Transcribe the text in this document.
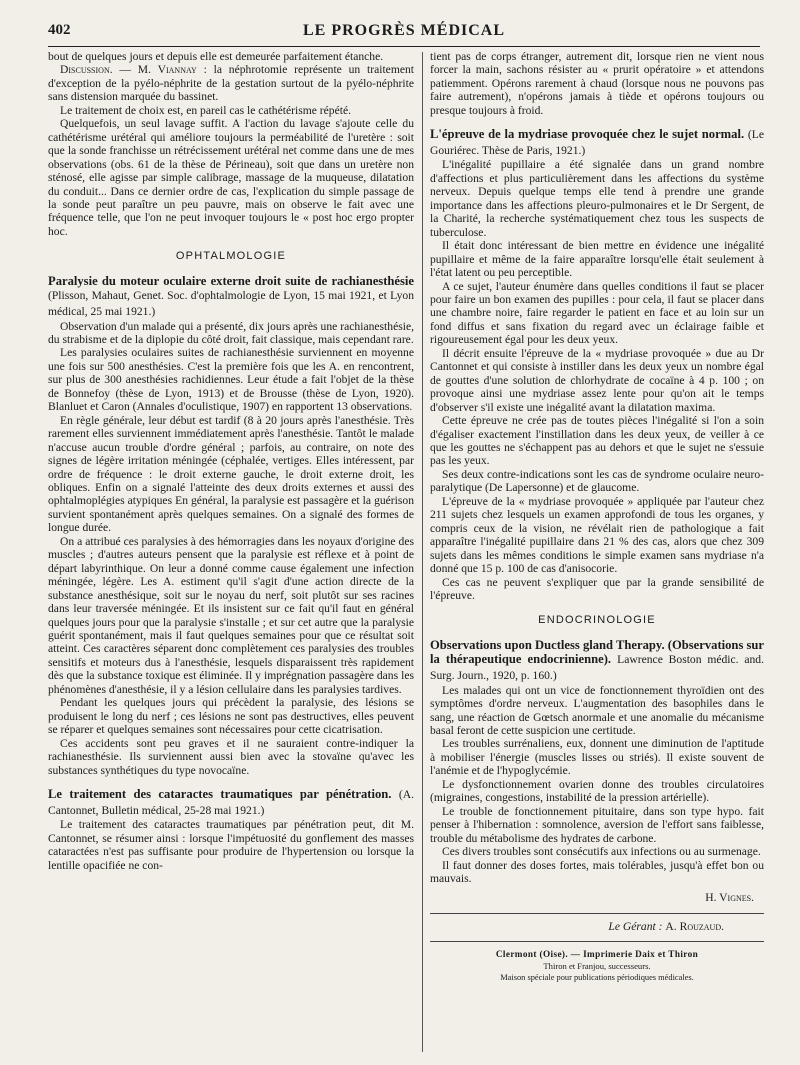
402	LE PROGRÈS MÉDICAL

bout de quelques jours et depuis elle est demeurée parfaitement étanche.

Discussion. — M. Viannay : la néphrotomie représente un traitement d'exception de la pyélo-néphrite de la gestation surtout de la pyélo-néphrite sans distension marquée du bassinet.

Le traitement de choix est, en pareil cas le cathétérisme répété.

Quelquefois, un seul lavage suffit. A l'action du lavage s'ajoute celle du cathétérisme urétéral qui améliore toujours la perméabilité de l'uretère : soit que la sonde franchisse un rétrécissement urétéral net comme dans une de mes observations (obs. 61 de la thèse de Périneau), soit que dans un uretère non sténosé, elle agisse par simple calibrage, massage de la muqueuse, dilatation du conduit... Dans ce dernier ordre de cas, l'explication du simple passage de la sonde peut paraître un peu pauvre, mais on observe le fait avec une fréquence telle, que l'on ne peut invoquer toujours le « post hoc ergo propter hoc.

OPHTALMOLOGIE

Paralysie du moteur oculaire externe droit suite de rachianesthésie (Plisson, Mahaut, Genet. Soc. d'ophtalmologie de Lyon, 15 mai 1921, et Lyon médical, 25 mai 1921.)

Observation d'un malade qui a présenté, dix jours après une rachianesthésie, du strabisme et de la diplopie du côté droit, fait classique, mais cependant rare.

Les paralysies oculaires suites de rachianesthésie surviennent en moyenne une fois sur 500 anesthésies. C'est la première fois que les A. en rencontrent, sur plus de 300 anesthésies rachidiennes. Leur étude a fait l'objet de la thèse de Bonnefoy (thèse de Lyon, 1913) et de Brousse (thèse de Lyon, 1920). Blanluet et Caron (Annales d'oculistique, 1907) en rapportent 13 observations.

En règle générale, leur début est tardif (8 à 20 jours après l'anesthésie. Très rarement elles surviennent immédiatement après l'anesthésie. Tantôt le malade n'accuse aucun trouble d'ordre général ; parfois, au contraire, on note des signes de légère irritation méningée (céphalée, vertiges. Elles intéressent, par ordre de fréquence : le droit externe gauche, le droit externe droit, les obliques. Enfin on a signalé l'atteinte des deux droits externes et aussi des ophtalmoplégies atypiques En général, la paralysie est passagère et la guérison survient spontanément après quelques semaines. On a signalé des formes de longue durée.

On a attribué ces paralysies à des hémorragies dans les noyaux d'origine des muscles ; d'autres auteurs pensent que la paralysie est réflexe et à point de départ labyrinthique. On leur a donné comme cause également une infection méningée, légère. Les A. estiment qu'il s'agit d'une action directe de la substance anesthésique, soit sur le noyau du nerf, soit plutôt sur ses racines dans leur traversée méningée. Et ils insistent sur ce fait qu'il faut en général quelques jours pour que la paralysie s'installe ; et sur cet autre que la paralysie guérit spontanément, mais il faut quelques semaines pour que ce résultat soit atteint. Ces caractères séparent donc complètement ces paralysies des troubles sensitifs et moteurs dus à l'anesthésie, lesquels disparaissent très rapidement dès que la substance toxique est éliminée. Il y imprégnation passagère dans les phénomènes d'anesthésie, il y a lésion cellulaire dans les paralysies tardives.

Pendant les quelques jours qui précèdent la paralysie, des lésions se produisent le long du nerf ; ces lésions ne sont pas destructives, elles peuvent se réparer et quelques semaines sont nécessaires pour cette cicatrisation.

Ces accidents sont peu graves et il ne sauraient contre-indiquer la rachianesthésie. Ils surviennent aussi bien avec la stovaïne qu'avec les substances synthétiques du type novocaïne.

Le traitement des cataractes traumatiques par pénétration. (A. Cantonnet, Bulletin médical, 25-28 mai 1921.)

Le traitement des cataractes traumatiques par pénétration peut, dit M. Cantonnet, se résumer ainsi : lorsque l'impétuosité du gonflement des masses cataractées n'est pas suffisante pour produire de l'hypertension ou lorsque la lentille opacifiée ne con-

tient pas de corps étranger, autrement dit, lorsque rien ne vient nous forcer la main, sachons résister au « prurit opératoire » et attendons patiemment. Opérons rarement à chaud (lorsque nous ne pouvons pas faire autrement), n'opérons jamais à tiède et opérons toujours ou presque toujours à froid.

L'épreuve de la mydriase provoquée chez le sujet normal. (Le Gouriérec. Thèse de Paris, 1921.)

L'inégalité pupillaire a été signalée dans un grand nombre d'affections et plus particulièrement dans les affections du système nerveux. Depuis quelque temps elle tend à prendre une grande importance dans les affections pleuro-pulmonaires et le Dr Sergent, de la Charité, la recherche systématiquement chez tous les suspects de tuberculose.

Il était donc intéressant de bien mettre en évidence une inégalité pupillaire et même de la faire apparaître lorsqu'elle était seulement à l'état latent ou peu perceptible.

A ce sujet, l'auteur énumère dans quelles conditions il faut se placer pour faire un bon examen des pupilles : pour cela, il faut se placer dans une chambre noire, faire regarder le patient en face et au loin sur un fond diffus et sans fixation du regard avec un éclairage faible et rigoureusement égal pour les deux yeux.

Il décrit ensuite l'épreuve de la « mydriase provoquée » due au Dr Cantonnet et qui consiste à instiller dans les deux yeux un nombre égal de gouttes d'une solution de chlorhydrate de cocaïne à 4 p. 100 ; on provoque ainsi une mydriase assez lente pour qu'on ait le temps d'observer s'il existe une inégalité avant la dilatation maxima.

Cette épreuve ne crée pas de toutes pièces l'inégalité si l'on a soin d'égaliser exactement l'instillation dans les deux yeux, de veiller à ce que les gouttes ne s'échappent pas au dehors et que le sujet ne s'essuie pas les yeux.

Ses deux contre-indications sont les cas de syndrome oculaire neuro-paralytique (De Lapersonne) et de glaucome.

L'épreuve de la « mydriase provoquée » appliquée par l'auteur chez 211 sujets chez lesquels un examen approfondi de tous les organes, y compris ceux de la vision, ne révélait rien de pathologique a fait apparaître l'inégalité pupillaire dans 21 % des cas, alors que chez 309 sujets dans les mêmes conditions le simple examen sans mydriase n'a donné que 15 p. 100 de cas d'anisocorie.

Ces cas ne peuvent s'expliquer que par la grande sensibilité de l'épreuve.

ENDOCRINOLOGIE

Observations upon Ductless gland Therapy. (Observations sur la thérapeutique endocrinienne). Lawrence Boston médic. and. Surg. Journ., 1920, p. 160.)

Les malades qui ont un vice de fonctionnement thyroïdien ont des symptômes d'ordre nerveux. L'augmentation des basophiles dans le sang, une réaction de Gœtsch anormale et une anomalie du mécanisme basal feront de cette suspicion une certitude.

Les troubles surrénaliens, eux, donnent une diminution de l'aptitude à mobiliser l'énergie (muscles lisses ou striés). Il existe souvent de l'anémie et de l'hypoglycémie.

Le dysfonctionnement ovarien donne des troubles circulatoires (migraines, congestions, instabilité de la pression artérielle).

Le trouble de fonctionnement pituitaire, dans son type hypo. fait penser à l'hibernation : somnolence, aversion de l'effort sans faiblesse, trouble du métabolisme des hydrates de carbone.

Ces divers troubles sont consécutifs aux infections ou au surmenage.

Il faut donner des doses fortes, mais tolérables, jusqu'à effet bon ou mauvais.

H. Vignes.

Le Gérant : A. Rouzaud.

Clermont (Oise). — Imprimerie Daix et Thiron
Thiron et Franjou, successeurs.
Maison spéciale pour publications périodiques médicales.
